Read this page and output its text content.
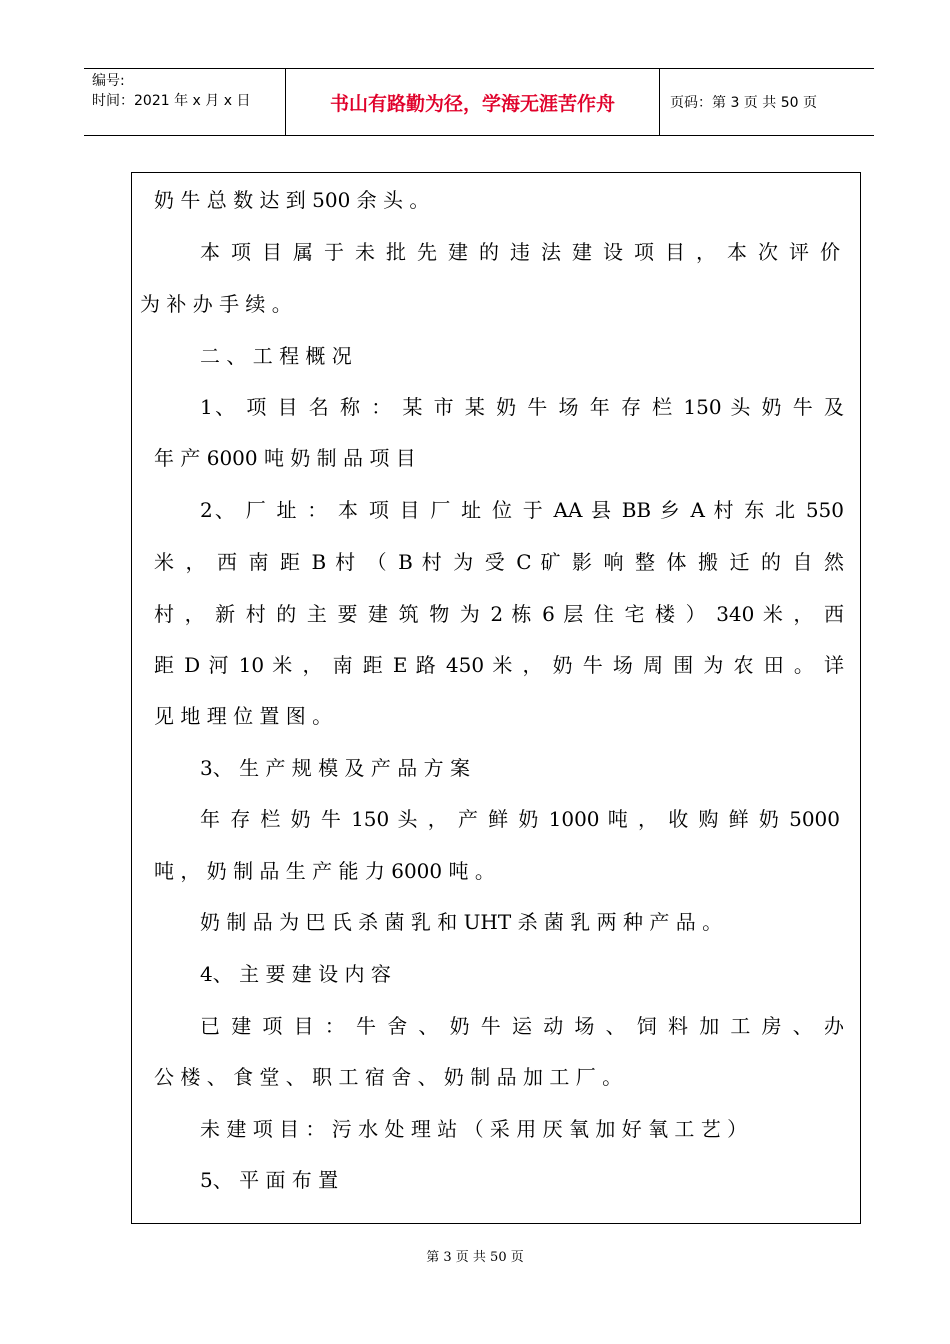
编号:
时间：2021 年 x 月 x 日	书山有路勤为径，学海无涯苦作舟	页码：第 3 页 共 50 页
奶 牛 总 数 达 到 500 余 头 。
本 项 目 属 于 未 批 先 建 的 违 法 建 设 项 目 ， 本 次 评 价
为 补 办 手 续 。
二 、 工 程 概 况
1、 项 目 名 称 ： 某 市 某 奶 牛 场 年 存 栏 150 头 奶 牛 及
年 产 6000 吨 奶 制 品 项 目
2、 厂 址 ： 本 项 目 厂 址 位 于 AA 县 BB 乡 A 村 东 北 550
米 ， 西 南 距 B 村 （ B 村 为 受 C 矿 影 响 整 体 搬 迁 的 自 然
村 ， 新 村 的 主 要 建 筑 物 为 2 栋 6 层 住 宅 楼 ） 340 米 ， 西
距 D 河 10 米 ， 南 距 E 路 450 米 ， 奶 牛 场 周 围 为 农 田 。 详
见 地 理 位 置 图 。
3、 生 产 规 模 及 产 品 方 案
年 存 栏 奶 牛 150 头 ， 产 鲜 奶 1000 吨 ， 收 购 鲜 奶 5000
吨 ， 奶 制 品 生 产 能 力 6000 吨 。
奶 制 品 为 巴 氏 杀 菌 乳 和 UHT 杀 菌 乳 两 种 产 品 。
4、 主 要 建 设 内 容
已 建 项 目 ： 牛 舍 、 奶 牛 运 动 场 、 饲 料 加 工 房 、 办
公 楼 、 食 堂 、 职 工 宿 舍 、 奶 制 品 加 工 厂 。
未 建 项 目 ： 污 水 处 理 站 （ 采 用 厌 氧 加 好 氧 工 艺 ）
5、 平 面 布 置
第 3 页 共 50 页
